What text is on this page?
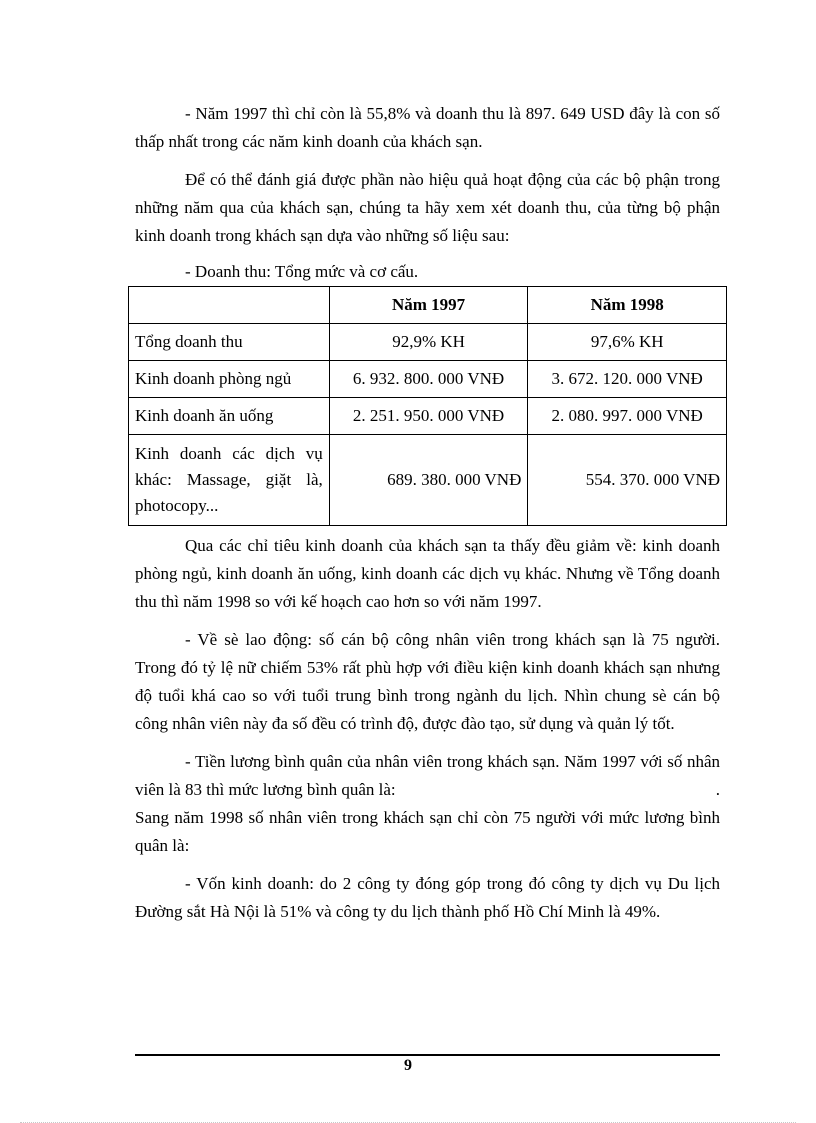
- Năm 1997 thì chỉ còn là 55,8% và doanh thu là 897. 649 USD đây là con số thấp nhất trong các năm kinh doanh của khách sạn.

Để có thể đánh giá được phần nào hiệu quả hoạt động của các bộ phận trong những năm qua của khách sạn, chúng ta hãy xem xét doanh thu, của từng bộ phận kinh doanh trong khách sạn dựa vào những số liệu sau:

- Doanh thu: Tổng mức và cơ cấu.

	Năm 1997	Năm 1998
Tổng doanh thu	92,9% KH	97,6% KH
Kinh doanh phòng ngủ	6. 932. 800. 000 VNĐ	3. 672. 120. 000 VNĐ
Kinh doanh ăn uống	2. 251. 950. 000 VNĐ	2. 080. 997. 000 VNĐ

Kinh doanh các dịch vụ khác: Massage, giặt là, photocopy...	689. 380. 000 VNĐ	554. 370. 000 VNĐ

Qua các chỉ tiêu kinh doanh của khách sạn ta thấy đều giảm về: kinh doanh phòng ngủ, kinh doanh ăn uống, kinh doanh các dịch vụ khác. Nhưng về Tổng doanh thu thì năm 1998 so với kế hoạch cao hơn so với năm 1997.

- Về sè lao động: số cán bộ công nhân viên trong khách sạn là 75 người. Trong đó tỷ lệ nữ chiếm 53% rất phù hợp với điều kiện kinh doanh khách sạn nhưng độ tuổi khá cao so với tuổi trung bình trong ngành du lịch. Nhìn chung sè cán bộ công nhân viên này đa số đều có trình độ, được đào tạo, sử dụng và quản lý tốt.

- Tiền lương bình quân của nhân viên trong khách sạn. Năm 1997 với số nhân viên là 83 thì mức lương bình quân là:	.

Sang năm 1998 số nhân viên trong khách sạn chỉ còn 75 người với mức lương bình quân là:

- Vốn kinh doanh: do 2 công ty đóng góp trong đó công ty dịch vụ Du lịch Đường sắt Hà Nội là 51% và công ty du lịch thành phố Hồ Chí Minh là 49%.

9
